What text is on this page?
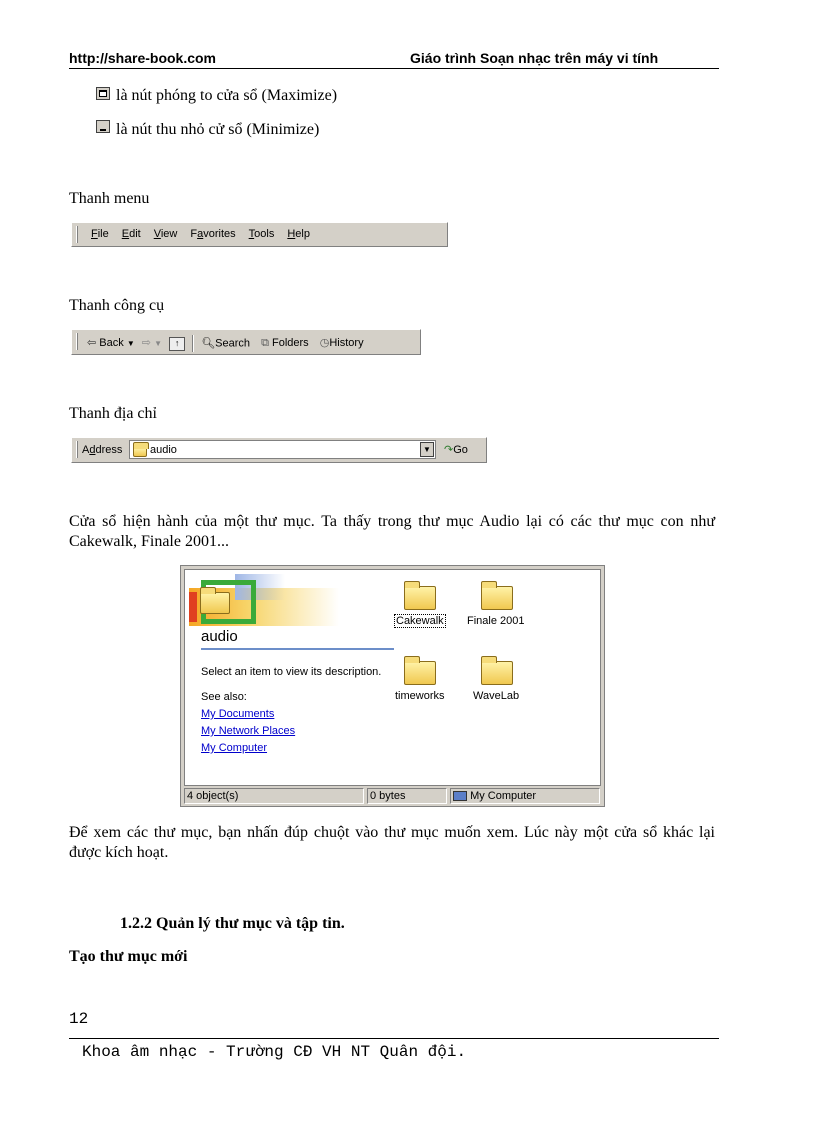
http://share-book.com	Giáo trình Soạn nhạc trên máy vi tính
là nút phóng to cửa sổ (Maximize)
là nút thu nhỏ cử sổ (Minimize)
Thanh menu
File Edit View Favorites Tools Help
Thanh công cụ
⇦ Back ▼ ⇨ ▼ ↑ 🔍︎Search ⧉ Folders ◷History
Thanh địa chỉ
Address	audio	▼ ↷Go
Cửa sổ hiện hành của một thư mục. Ta thấy trong thư mục Audio lại có các thư mục con như Cakewalk, Finale 2001...
audio
Select an item to view its description.
See also:
My Documents
My Network Places
My Computer
Cakewalk Finale 2001
timeworks	WaveLab
4 object(s)	0 bytes	My Computer
Để xem các thư mục, bạn nhấn đúp chuột vào thư mục muốn xem. Lúc này một cửa sổ khác lại được kích hoạt.
1.2.2 Quản lý thư mục và tập tin.
Tạo thư mục mới
12
Khoa âm nhạc - Trường CĐ VH NT Quân đội.
